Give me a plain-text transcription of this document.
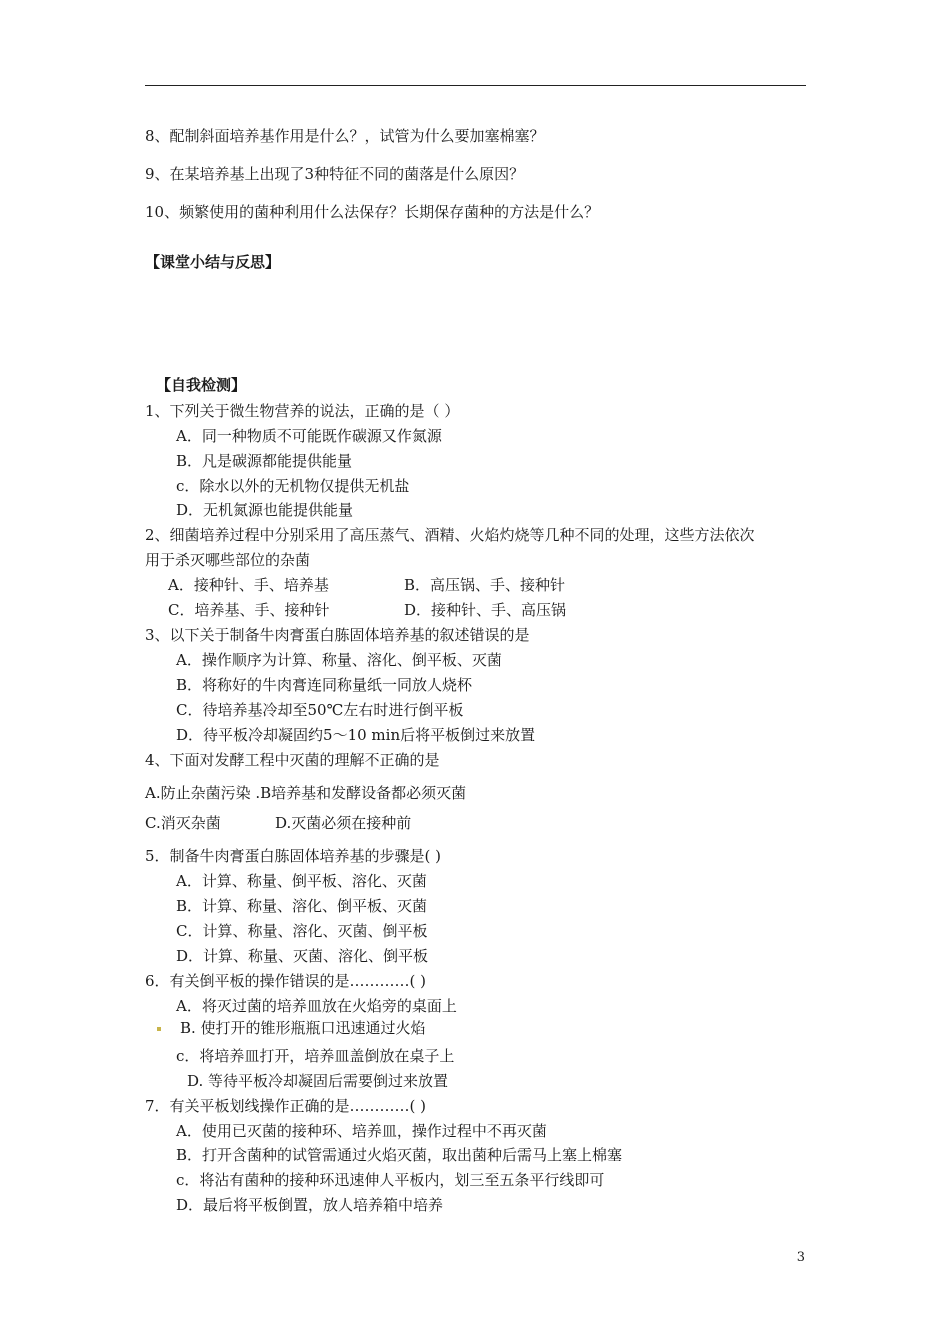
8、配制斜面培养基作用是什么？，试管为什么要加塞棉塞？
9、在某培养基上出现了3种特征不同的菌落是什么原因？
10、频繁使用的菌种利用什么法保存？长期保存菌种的方法是什么？
【课堂小结与反思】
【自我检测】
1、下列关于微生物营养的说法，正确的是（ ）
A．同一种物质不可能既作碳源又作氮源
B．凡是碳源都能提供能量
c．除水以外的无机物仅提供无机盐
D．无机氮源也能提供能量
2、细菌培养过程中分别采用了高压蒸气、酒精、火焰灼烧等几种不同的处理，这些方法依次
用于杀灭哪些部位的杂菌
A．接种针、手、培养基	B．高压锅、手、接种针
C．培养基、手、接种针	D．接种针、手、高压锅
3、以下关于制备牛肉膏蛋白胨固体培养基的叙述错误的是
A．操作顺序为计算、称量、溶化、倒平板、灭菌
B．将称好的牛肉膏连同称量纸一同放人烧杯
C．待培养基冷却至50℃左右时进行倒平板
D．待平板冷却凝固约5～10 min后将平板倒过来放置
4、下面对发酵工程中灭菌的理解不正确的是
A.防止杂菌污染 .B培养基和发酵设备都必须灭菌
C.消灭杂菌	D.灭菌必须在接种前
5．制备牛肉膏蛋白胨固体培养基的步骤是( )
A．计算、称量、倒平板、溶化、灭菌
B．计算、称量、溶化、倒平板、灭菌
C．计算、称量、溶化、灭菌、倒平板
D．计算、称量、灭菌、溶化、倒平板
6．有关倒平板的操作错误的是…………( )
A．将灭过菌的培养皿放在火焰旁的桌面上
B. 使打开的锥形瓶瓶口迅速通过火焰
c．将培养皿打开，培养皿盖倒放在桌子上
D. 等待平板冷却凝固后需要倒过来放置
7．有关平板划线操作正确的是…………( )
A．使用已灭菌的接种环、培养皿，操作过程中不再灭菌
B．打开含菌种的试管需通过火焰灭菌，取出菌种后需马上塞上棉塞
c．将沾有菌种的接种环迅速伸人平板内，划三至五条平行线即可
D．最后将平板倒置，放人培养箱中培养
3
